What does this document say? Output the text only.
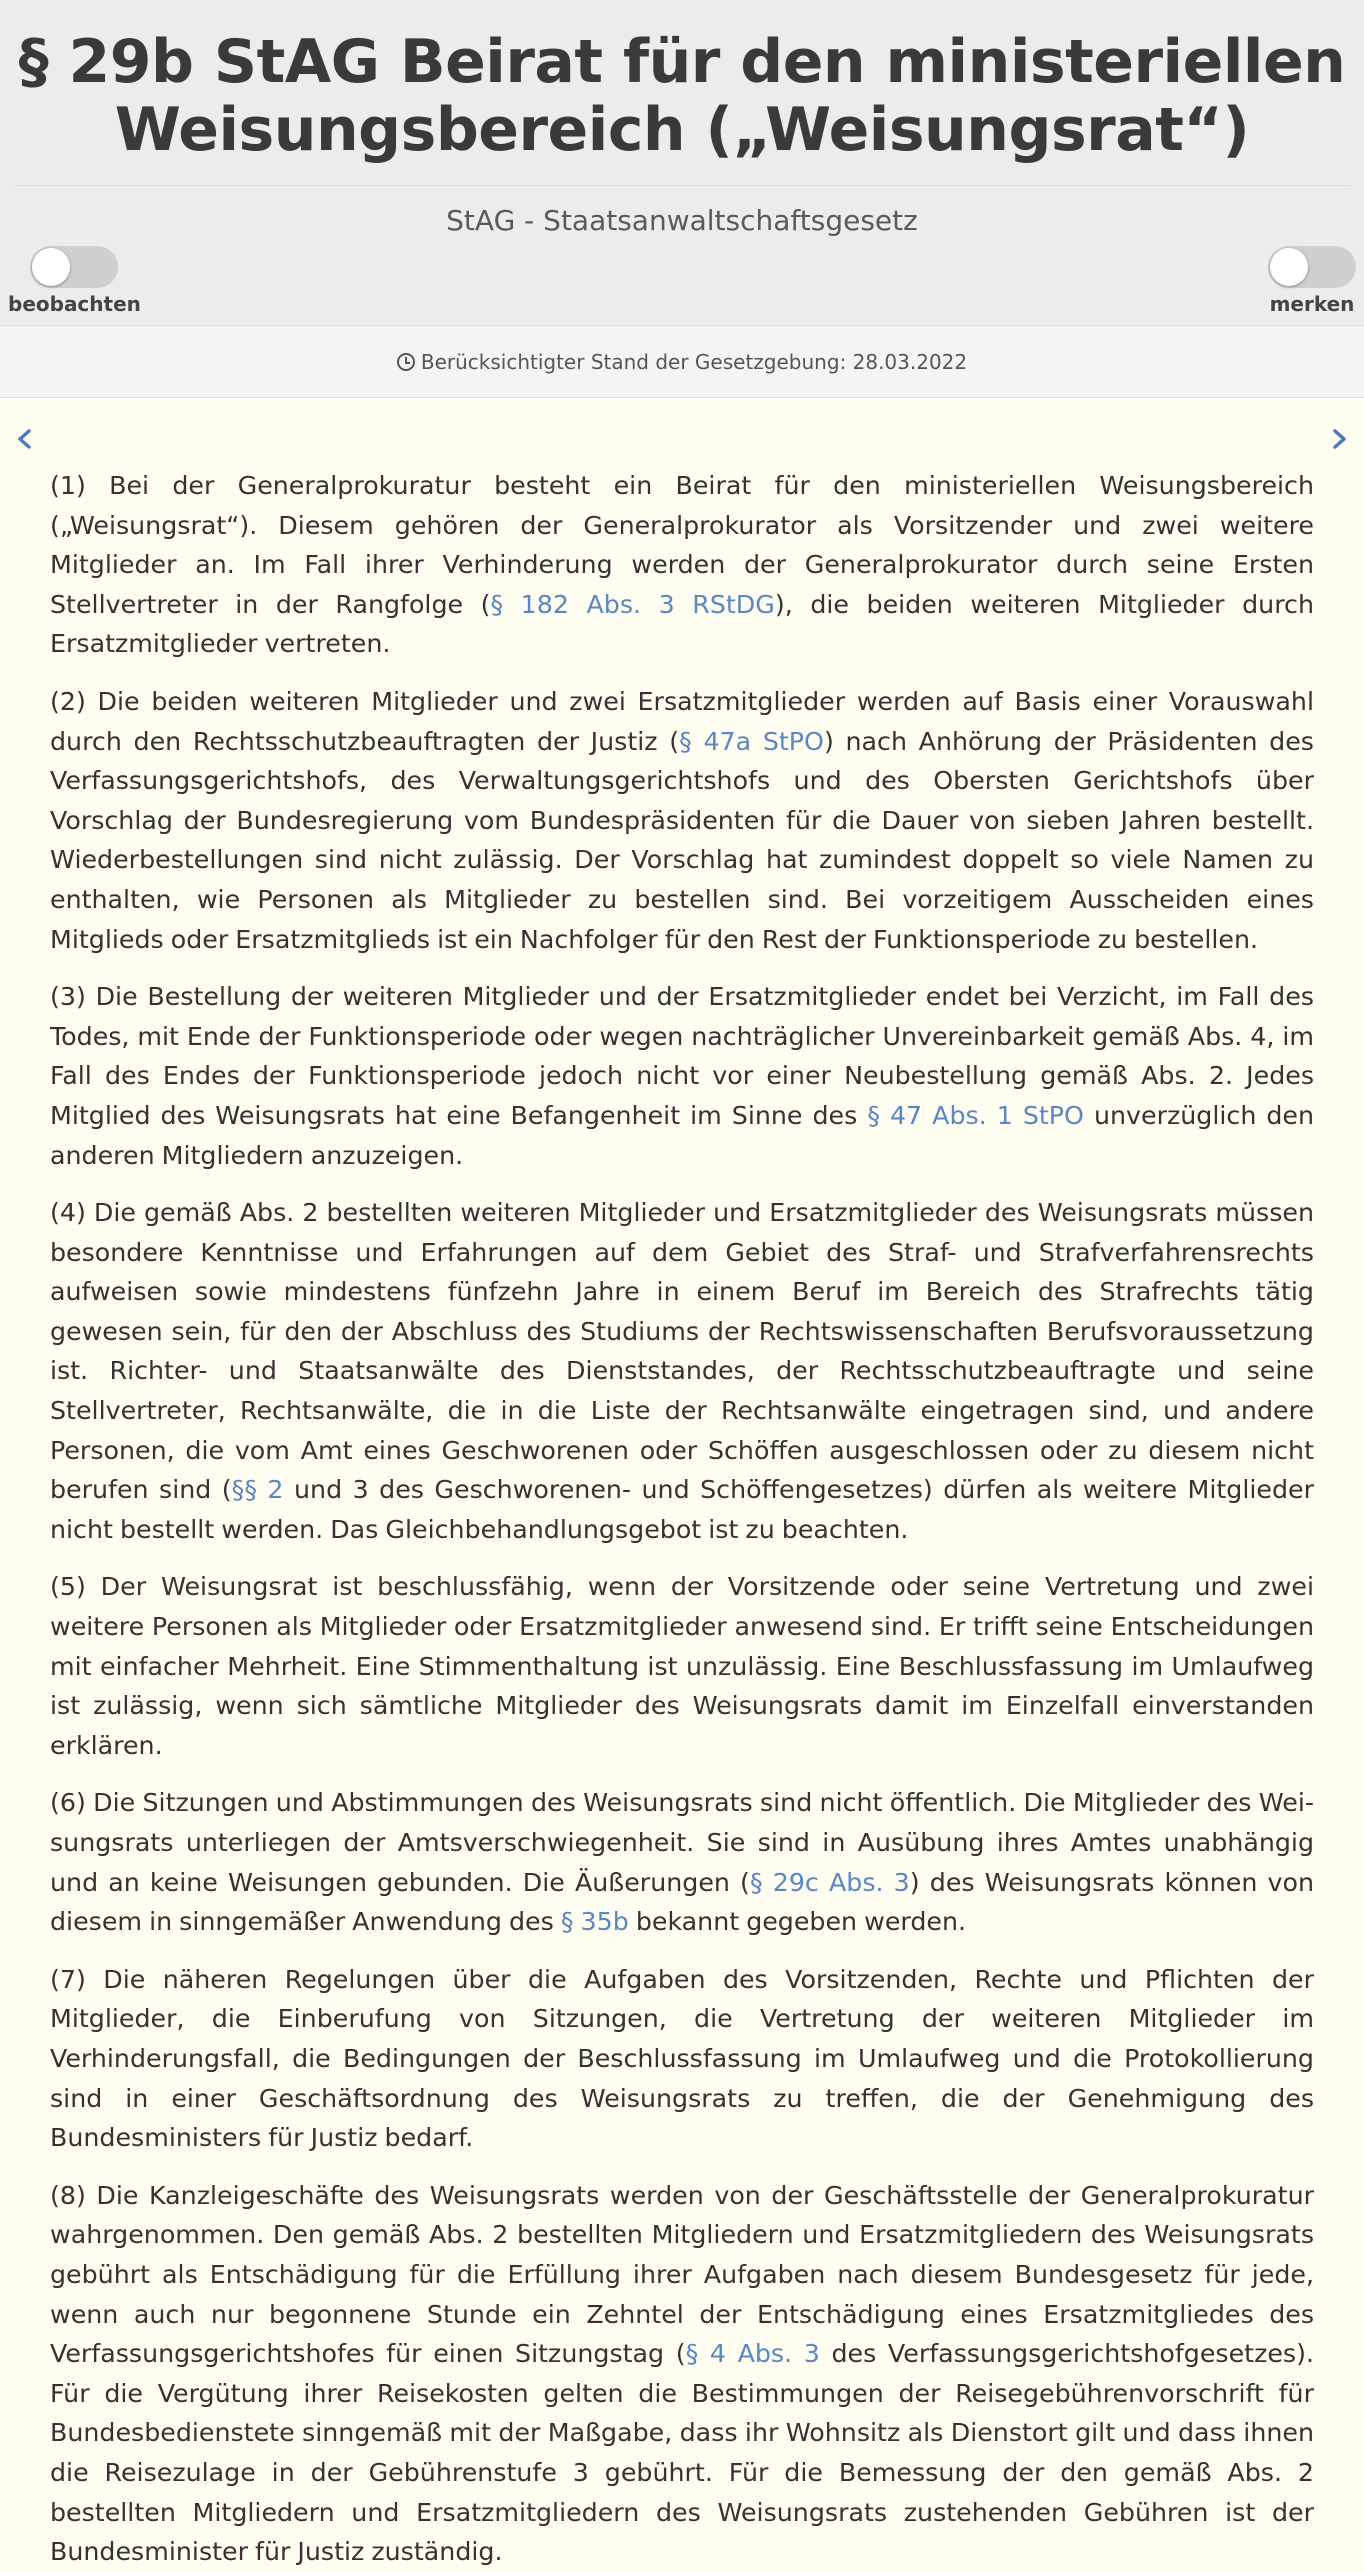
§ 29b StAG Beirat für den ministeriellen
Weisungsbereich („Weisungsrat“)
StAG - Staatsanwaltschaftsgesetz
beobachten	merken
Berücksichtigter Stand der Gesetzgebung: 28.03.2022

(1) Bei der Generalprokuratur besteht ein Beirat für den ministeriellen Weisungsbereich („Weisungsrat“). Diesem gehören der Generalprokurator als Vorsitzender und zwei weitere Mitglieder an. Im Fall ihrer Verhinderung werden der Generalprokurator durch seine Ersten Stellvertreter in der Rangfolge (§ 182 Abs. 3 RStDG), die beiden weiteren Mitglieder durch Ersatzmitglieder vertreten.

(2) Die beiden weiteren Mitglieder und zwei Ersatzmitglieder werden auf Basis einer Vorauswahl durch den Rechtsschutzbeauftragten der Justiz (§ 47a StPO) nach Anhörung der Präsidenten des Verfassungsgerichtshofs, des Verwaltungsgerichtshofs und des Obersten Gerichtshofs über Vorschlag der Bundesregierung vom Bundespräsidenten für die Dauer von sieben Jahren bestellt. Wiederbestellungen sind nicht zulässig. Der Vorschlag hat zumindest doppelt so viele Namen zu enthalten, wie Personen als Mitglieder zu bestellen sind. Bei vorzeitigem Ausscheiden eines Mitglieds oder Ersatzmitglieds ist ein Nachfolger für den Rest der Funktionsperiode zu bestellen.

(3) Die Bestellung der weiteren Mitglieder und der Ersatzmitglieder endet bei Verzicht, im Fall des Todes, mit Ende der Funktionsperiode oder wegen nachträglicher Unvereinbarkeit gemäß Abs. 4, im Fall des Endes der Funktionsperiode jedoch nicht vor einer Neubestellung gemäß Abs. 2. Jedes Mitglied des Weisungsrats hat eine Befangenheit im Sinne des § 47 Abs. 1 StPO unverzüglich den anderen Mitgliedern anzuzeigen.

(4) Die gemäß Abs. 2 bestellten weiteren Mitglieder und Ersatzmitglieder des Weisungsrats müssen besondere Kenntnisse und Erfahrungen auf dem Gebiet des Straf- und Strafverfahrensrechts aufweisen sowie mindestens fünfzehn Jahre in einem Beruf im Bereich des Strafrechts tätig gewesen sein, für den der Abschluss des Studiums der Rechtswissenschaften Berufsvoraussetzung ist. Richter- und Staatsanwälte des Dienststandes, der Rechtsschutzbeauftragte und seine Stellvertreter, Rechtsanwälte, die in die Liste der Rechtsanwälte eingetragen sind, und andere Personen, die vom Amt eines Geschworenen oder Schöffen ausgeschlossen oder zu diesem nicht berufen sind (§§ 2 und 3 des Geschworenen- und Schöffengesetzes) dürfen als weitere Mitglieder nicht bestellt werden. Das Gleichbehandlungsgebot ist zu beachten.

(5) Der Weisungsrat ist beschlussfähig, wenn der Vorsitzende oder seine Vertretung und zwei weitere Personen als Mitglieder oder Ersatzmitglieder anwesend sind. Er trifft seine Entscheidungen mit einfacher Mehrheit. Eine Stimmenthaltung ist unzulässig. Eine Beschlussfassung im Umlaufweg ist zulässig, wenn sich sämtliche Mitglieder des Weisungsrats damit im Einzelfall einverstanden erklären.

(6) Die Sitzungen und Abstimmungen des Weisungsrats sind nicht öffentlich. Die Mitglieder des Weisungsrats unterliegen der Amtsverschwiegenheit. Sie sind in Ausübung ihres Amtes unabhängig und an keine Weisungen gebunden. Die Äußerungen (§ 29c Abs. 3) des Weisungsrats können von diesem in sinngemäßer Anwendung des § 35b bekannt gegeben werden.

(7) Die näheren Regelungen über die Aufgaben des Vorsitzenden, Rechte und Pflichten der Mitglieder, die Einberufung von Sitzungen, die Vertretung der weiteren Mitglieder im Verhinderungsfall, die Bedingungen der Beschlussfassung im Umlaufweg und die Protokollierung sind in einer Geschäftsordnung des Weisungsrats zu treffen, die der Genehmigung des Bundesministers für Justiz bedarf.

(8) Die Kanzleigeschäfte des Weisungsrats werden von der Geschäftsstelle der Generalprokuratur wahrgenommen. Den gemäß Abs. 2 bestellten Mitgliedern und Ersatzmitgliedern des Weisungsrats gebührt als Entschädigung für die Erfüllung ihrer Aufgaben nach diesem Bundesgesetz für jede, wenn auch nur begonnene Stunde ein Zehntel der Entschädigung eines Ersatzmitgliedes des Verfassungsgerichtshofes für einen Sitzungstag (§ 4 Abs. 3 des Verfassungsgerichtshofgesetzes). Für die Vergütung ihrer Reisekosten gelten die Bestimmungen der Reisegebührenvorschrift für Bundesbedienstete sinngemäß mit der Maßgabe, dass ihr Wohnsitz als Dienstort gilt und dass ihnen die Reisezulage in der Gebührenstufe 3 gebührt. Für die Bemessung der den gemäß Abs. 2 bestellten Mitgliedern und Ersatzmitgliedern des Weisungsrats zustehenden Gebühren ist der Bundesminister für Justiz zuständig.
